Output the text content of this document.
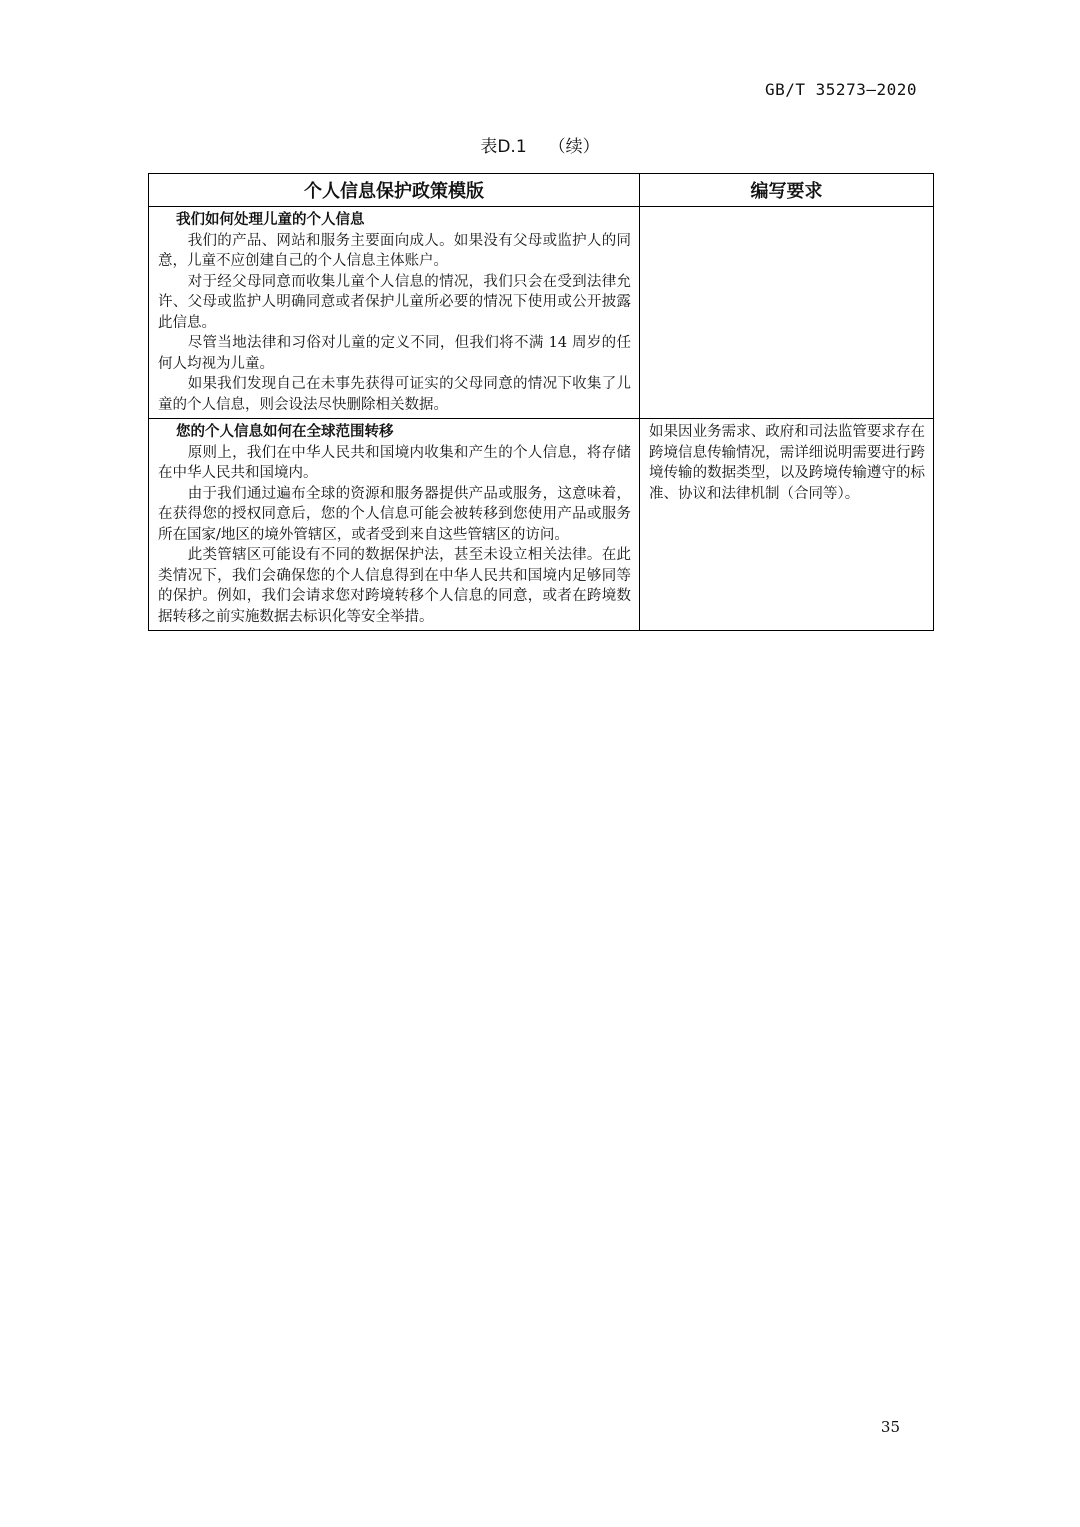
GB/T 35273—2020
表D.1 （续）
个人信息保护政策模版	编写要求

我们如何处理儿童的个人信息

我们的产品、网站和服务主要面向成人。如果没有父母或监护人的同意，儿童不应创建自己的个人信息主体账户。

对于经父母同意而收集儿童个人信息的情况，我们只会在受到法律允许、父母或监护人明确同意或者保护儿童所必要的情况下使用或公开披露此信息。

尽管当地法律和习俗对儿童的定义不同，但我们将不满 14 周岁的任何人均视为儿童。

如果我们发现自己在未事先获得可证实的父母同意的情况下收集了儿童的个人信息，则会设法尽快删除相关数据。	

您的个人信息如何在全球范围转移

原则上，我们在中华人民共和国境内收集和产生的个人信息，将存储在中华人民共和国境内。

由于我们通过遍布全球的资源和服务器提供产品或服务，这意味着，在获得您的授权同意后，您的个人信息可能会被转移到您使用产品或服务所在国家/地区的境外管辖区，或者受到来自这些管辖区的访问。

此类管辖区可能设有不同的数据保护法，甚至未设立相关法律。在此类情况下，我们会确保您的个人信息得到在中华人民共和国境内足够同等的保护。例如，我们会请求您对跨境转移个人信息的同意，或者在跨境数据转移之前实施数据去标识化等安全举措。	如果因业务需求、政府和司法监管要求存在跨境信息传输情况，需详细说明需要进行跨境传输的数据类型，以及跨境传输遵守的标准、协议和法律机制（合同等）。

35
